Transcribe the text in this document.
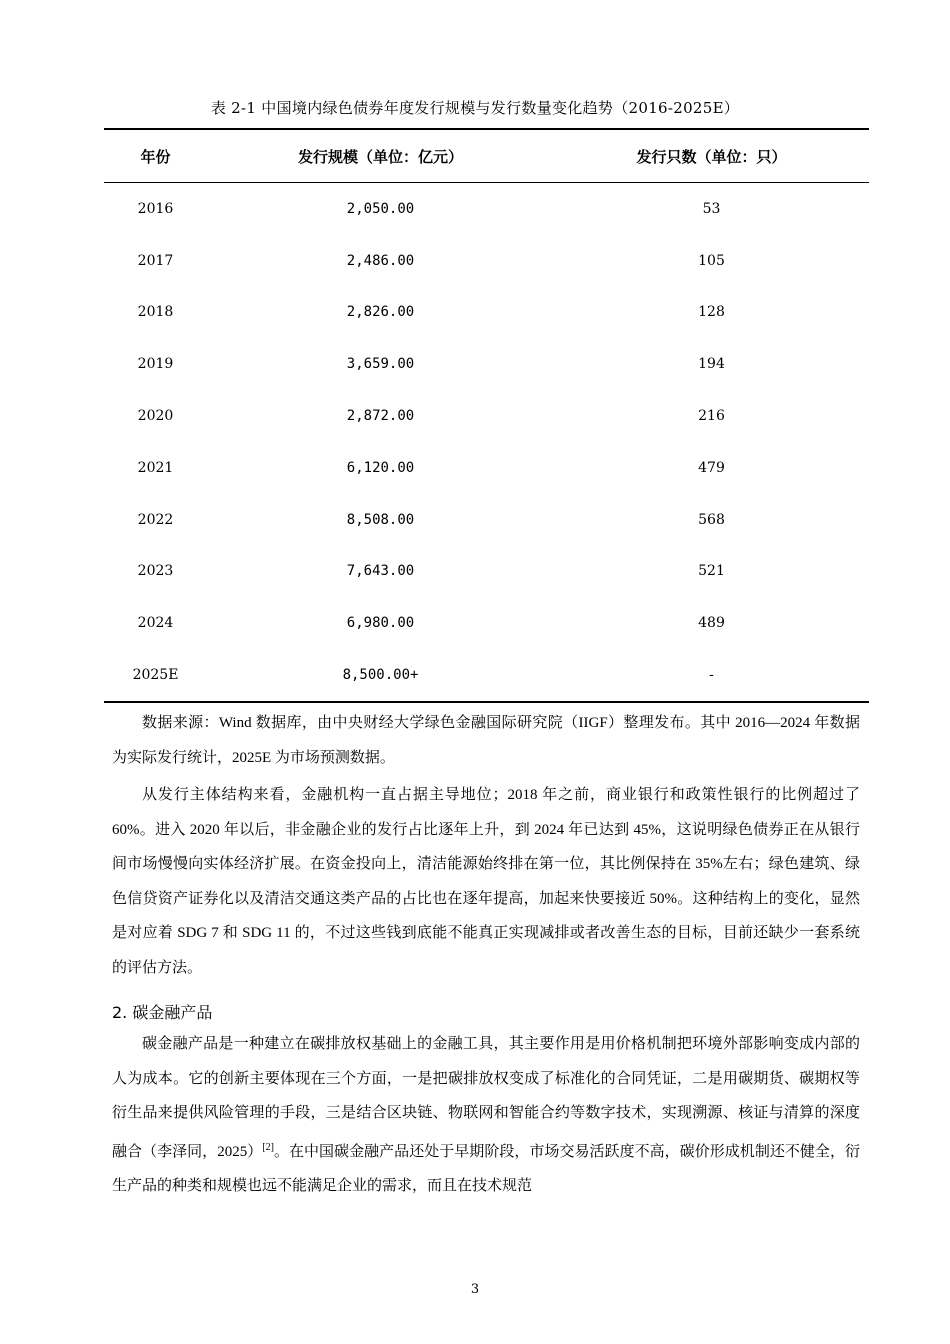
表 2-1 中国境内绿色债券年度发行规模与发行数量变化趋势（2016-2025E）
年份	发行规模（单位：亿元）	发行只数（单位：只）
2016	2,050.00	53
2017	2,486.00	105
2018	2,826.00	128
2019	3,659.00	194
2020	2,872.00	216
2021	6,120.00	479
2022	8,508.00	568
2023	7,643.00	521
2024	6,980.00	489
2025E	8,500.00+	-
数据来源：Wind 数据库，由中央财经大学绿色金融国际研究院（IIGF）整理发布。其中 2016—2024 年数据为实际发行统计，2025E 为市场预测数据。
从发行主体结构来看，金融机构一直占据主导地位；2018 年之前，商业银行和政策性银行的比例超过了 60%。进入 2020 年以后，非金融企业的发行占比逐年上升，到 2024 年已达到 45%，这说明绿色债券正在从银行间市场慢慢向实体经济扩展。在资金投向上，清洁能源始终排在第一位，其比例保持在 35%左右；绿色建筑、绿色信贷资产证券化以及清洁交通这类产品的占比也在逐年提高，加起来快要接近 50%。这种结构上的变化，显然是对应着 SDG 7 和 SDG 11 的，不过这些钱到底能不能真正实现减排或者改善生态的目标，目前还缺少一套系统的评估方法。
2. 碳金融产品
碳金融产品是一种建立在碳排放权基础上的金融工具，其主要作用是用价格机制把环境外部影响变成内部的人为成本。它的创新主要体现在三个方面，一是把碳排放权变成了标准化的合同凭证，二是用碳期货、碳期权等衍生品来提供风险管理的手段，三是结合区块链、物联网和智能合约等数字技术，实现溯源、核证与清算的深度融合（李泽同，2025）[2]。在中国碳金融产品还处于早期阶段，市场交易活跃度不高，碳价形成机制还不健全，衍生产品的种类和规模也远不能满足企业的需求，而且在技术规范
3
